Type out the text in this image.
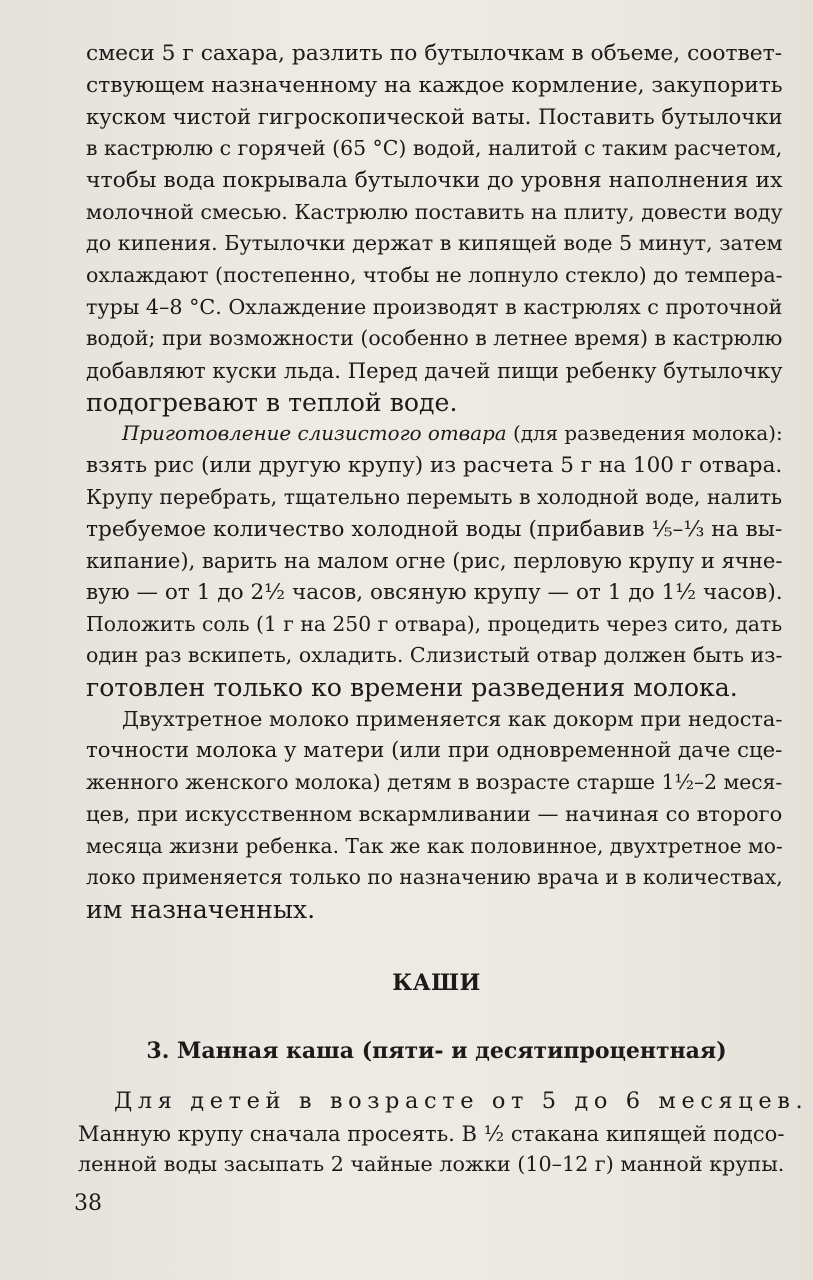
смеси 5 г сахара, разлить по бутылочкам в объеме, соответ-
ствующем назначенному на каждое кормление, закупорить
куском чистой гигроскопической ваты. Поставить бутылочки
в кастрюлю с горячей (65 °С) водой, налитой с таким расчетом,
чтобы вода покрывала бутылочки до уровня наполнения их
молочной смесью. Кастрюлю поставить на плиту, довести воду
до кипения. Бутылочки держат в кипящей воде 5 минут, затем
охлаждают (постепенно, чтобы не лопнуло стекло) до темпера-
туры 4–8 °С. Охлаждение производят в кастрюлях с проточной
водой; при возможности (особенно в летнее время) в кастрюлю
добавляют куски льда. Перед дачей пищи ребенку бутылочку
подогревают в теплой воде.

Приготовление слизистого отвара (для разведения молока):
взять рис (или другую крупу) из расчета 5 г на 100 г отвара.
Крупу перебрать, тщательно перемыть в холодной воде, налить
требуемое количество холодной воды (прибавив ⅕–⅓ на вы-
кипание), варить на малом огне (рис, перловую крупу и ячне-
вую — от 1 до 2½ часов, овсяную крупу — от 1 до 1½ часов).
Положить соль (1 г на 250 г отвара), процедить через сито, дать
один раз вскипеть, охладить. Слизистый отвар должен быть из-
готовлен только ко времени разведения молока.

Двухтретное молоко применяется как докорм при недоста-
точности молока у матери (или при одновременной даче сце-
женного женского молока) детям в возрасте старше 1½–2 меся-
цев, при искусственном вскармливании — начиная со второго
месяца жизни ребенка. Так же как половинное, двухтретное мо-
локо применяется только по назначению врача и в количествах,
им назначенных.

КАШИ
3. Манная каша (пяти- и десятипроцентная)

Для детей в возрасте от 5 до 6 месяцев.
Манную крупу сначала просеять. В ½ стакана кипящей подсо-
ленной воды засыпать 2 чайные ложки (10–12 г) манной крупы.

38
